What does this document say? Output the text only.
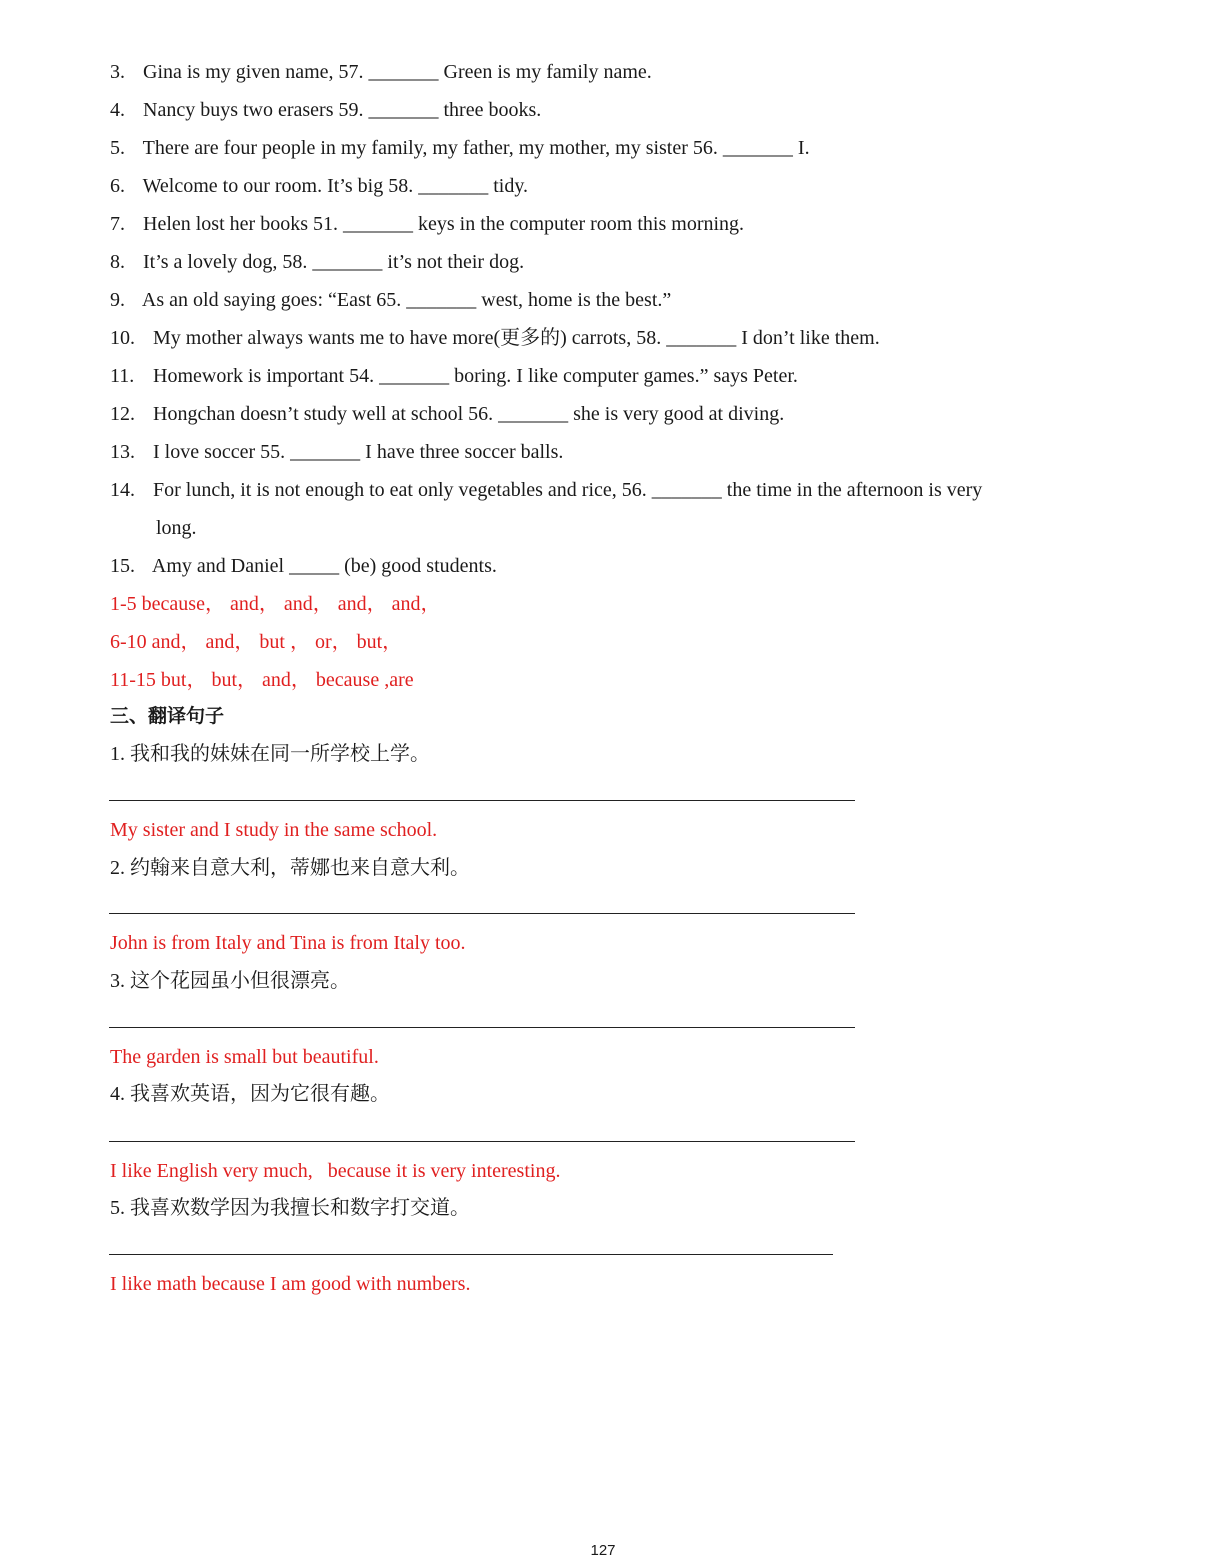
3. Gina is my given name, 57. _______ Green is my family name.
4. Nancy buys two erasers 59. _______ three books.
5. There are four people in my family, my father, my mother, my sister 56. _______ I.
6. Welcome to our room. It’s big 58. _______ tidy.
7. Helen lost her books 51. _______ keys in the computer room this morning.
8. It’s a lovely dog, 58. _______ it’s not their dog.
9. As an old saying goes: “East 65. _______ west, home is the best.”
10. My mother always wants me to have more(更多的) carrots, 58. _______ I don’t like them.
11. Homework is important 54. _______ boring. I like computer games.” says Peter.
12. Hongchan doesn’t study well at school 56. _______ she is very good at diving.
13. I love soccer 55. _______ I have three soccer balls.
14. For lunch, it is not enough to eat only vegetables and rice, 56. _______ the time in the afternoon is very
long.
15. Amy and Daniel _____ (be) good students.
1-5 because， and， and， and， and，
6-10 and， and， but ， or， but，
11-15 but， but， and， because ,are
三、翻译句子
1. 我和我的妹妹在同一所学校上学。
My sister and I study in the same school.
2. 约翰来自意大利，蒂娜也来自意大利。
John is from Italy and Tina is from Italy too.
3. 这个花园虽小但很漂亮。
The garden is small but beautiful.
4. 我喜欢英语，因为它很有趣。
I like English very much,   because it is very interesting.
5. 我喜欢数学因为我擅长和数字打交道。
I like math because I am good with numbers.
127
